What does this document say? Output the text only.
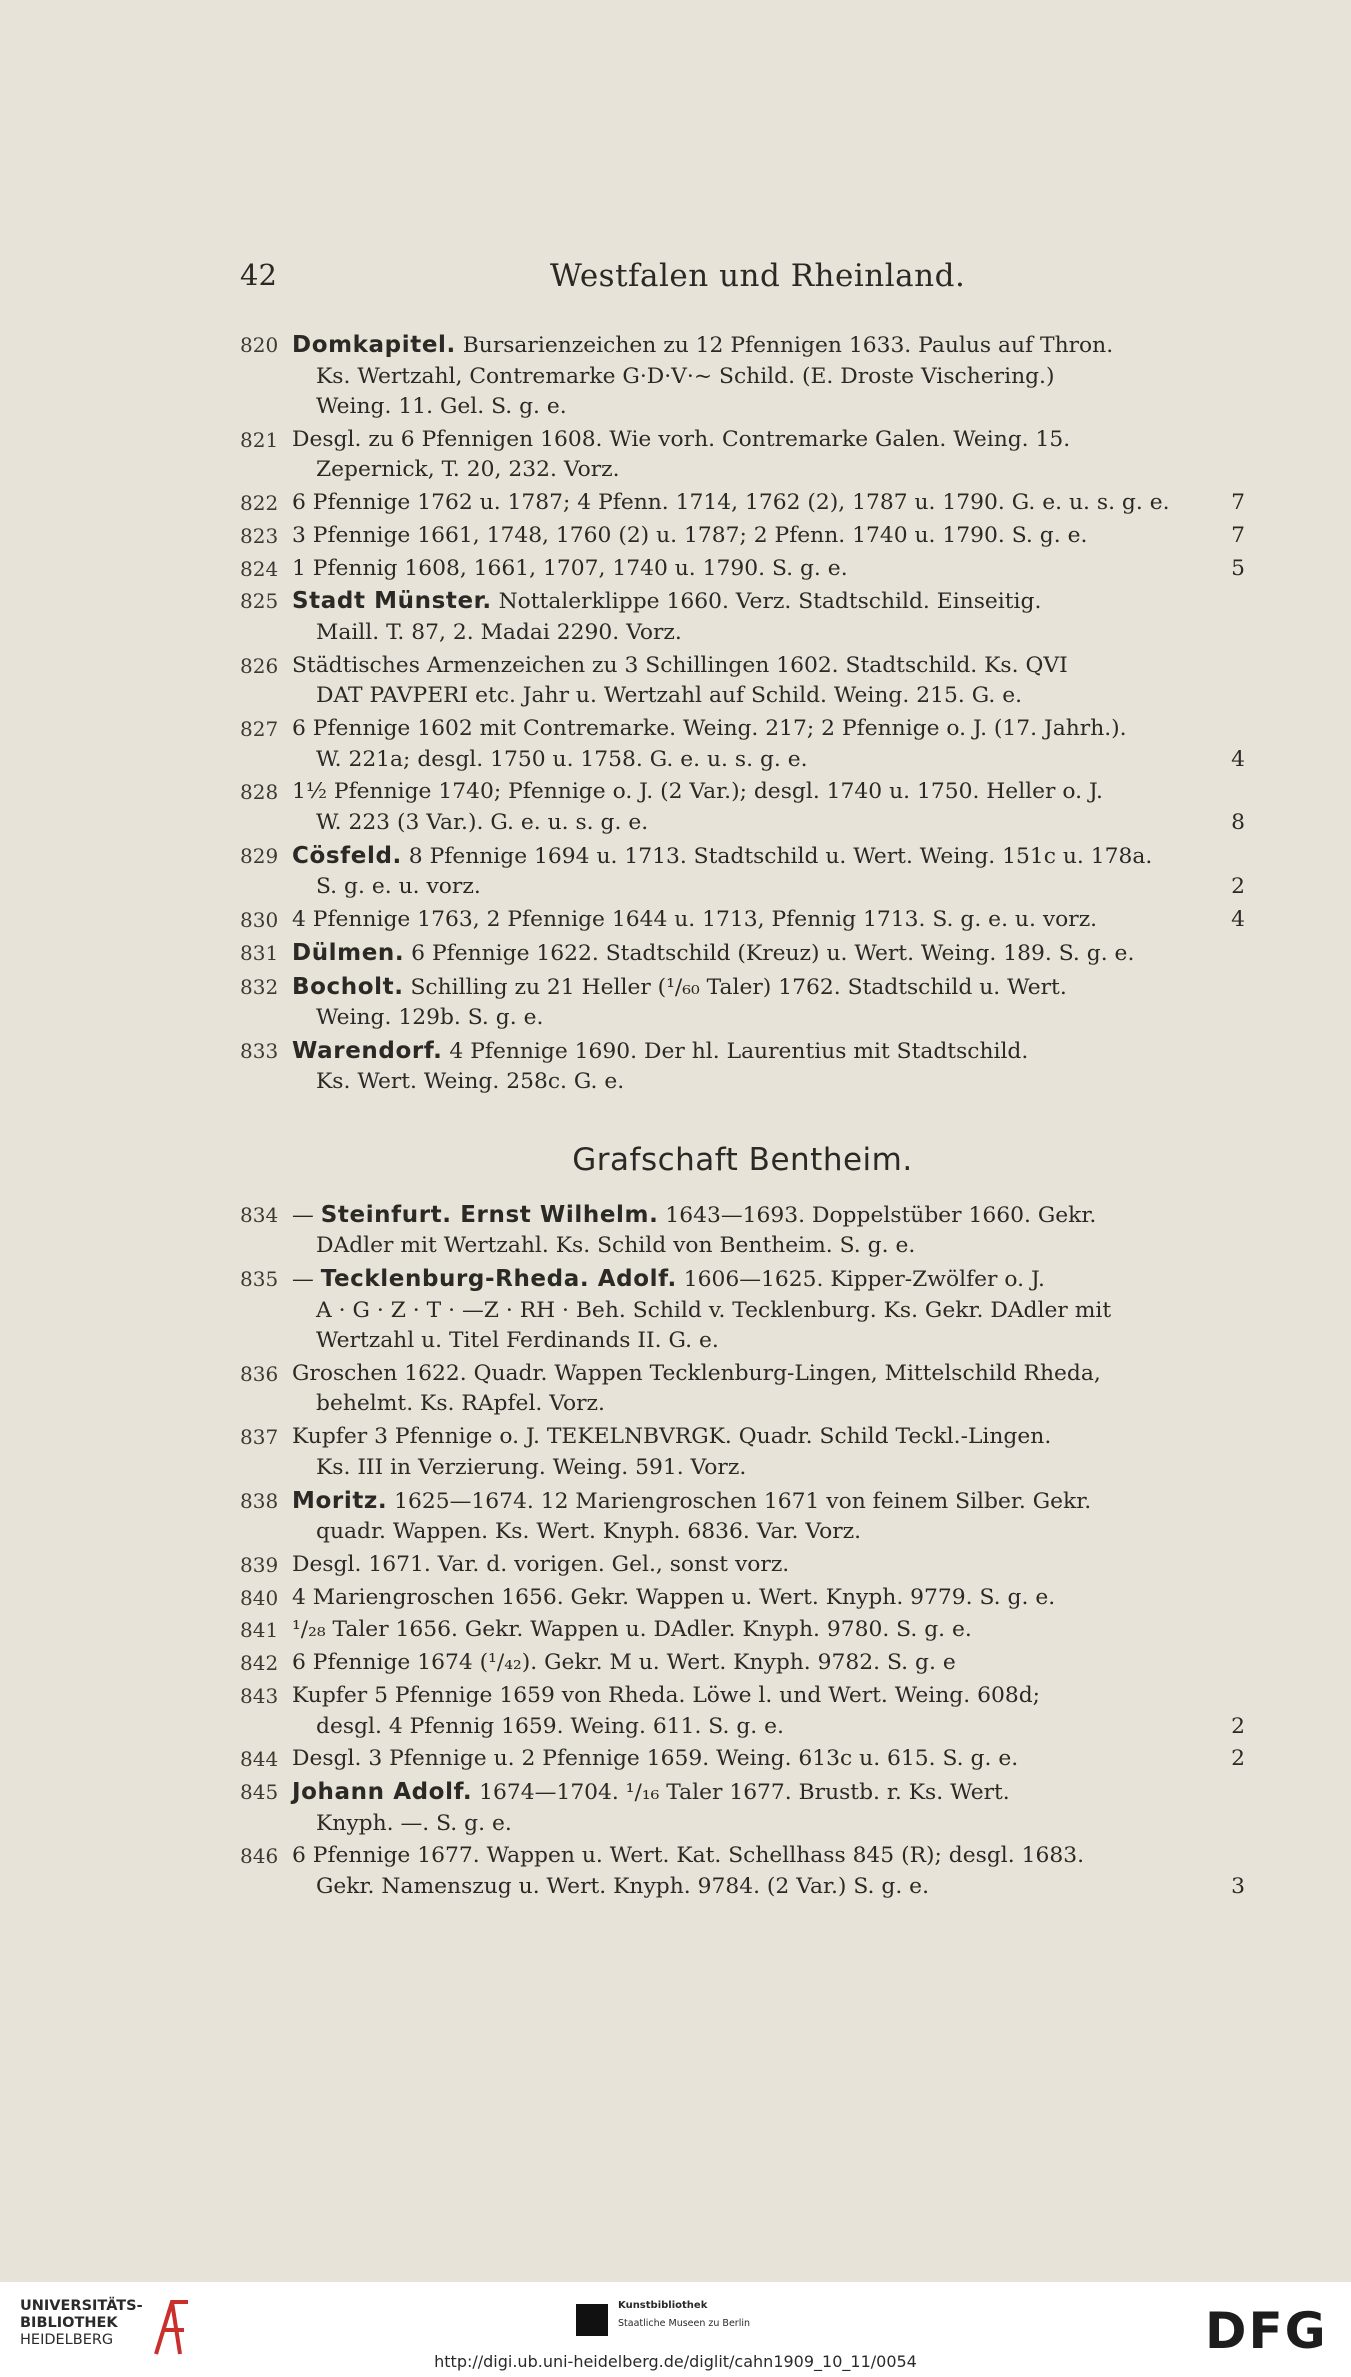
42	Westfalen und Rheinland.
820 Domkapitel. Bursarienzeichen zu 12 Pfennigen 1633. Paulus auf Thron.
Ks. Wertzahl, Contremarke G·D·V·~ Schild. (E. Droste Vischering.)
Weing. 11. Gel. S. g. e.
821 Desgl. zu 6 Pfennigen 1608. Wie vorh. Contremarke Galen. Weing. 15.
Zepernick, T. 20, 232. Vorz.
822 6 Pfennige 1762 u. 1787; 4 Pfenn. 1714, 1762 (2), 1787 u. 1790. G. e. u. s. g. e.	7
823 3 Pfennige 1661, 1748, 1760 (2) u. 1787; 2 Pfenn. 1740 u. 1790. S. g. e.	7
824 1 Pfennig 1608, 1661, 1707, 1740 u. 1790. S. g. e.	5
825 Stadt Münster. Nottalerklippe 1660. Verz. Stadtschild. Einseitig.
Maill. T. 87, 2. Madai 2290. Vorz.
826 Städtisches Armenzeichen zu 3 Schillingen 1602. Stadtschild. Ks. QVI
DAT PAVPERI etc. Jahr u. Wertzahl auf Schild. Weing. 215. G. e.
827 6 Pfennige 1602 mit Contremarke. Weing. 217; 2 Pfennige o. J. (17. Jahrh.).
W. 221a; desgl. 1750 u. 1758. G. e. u. s. g. e.	4
828 1½ Pfennige 1740; Pfennige o. J. (2 Var.); desgl. 1740 u. 1750. Heller o. J.
W. 223 (3 Var.). G. e. u. s. g. e.	8
829 Cösfeld. 8 Pfennige 1694 u. 1713. Stadtschild u. Wert. Weing. 151c u. 178a.
S. g. e. u. vorz.	2
830 4 Pfennige 1763, 2 Pfennige 1644 u. 1713, Pfennig 1713. S. g. e. u. vorz.	4
831 Dülmen. 6 Pfennige 1622. Stadtschild (Kreuz) u. Wert. Weing. 189. S. g. e.
832 Bocholt. Schilling zu 21 Heller (¹/₆₀ Taler) 1762. Stadtschild u. Wert.
Weing. 129b. S. g. e.
833 Warendorf. 4 Pfennige 1690. Der hl. Laurentius mit Stadtschild.
Ks. Wert. Weing. 258c. G. e.
Grafschaft Bentheim.
834 — Steinfurt. Ernst Wilhelm. 1643—1693. Doppelstüber 1660. Gekr.
DAdler mit Wertzahl. Ks. Schild von Bentheim. S. g. e.
835 — Tecklenburg-Rheda. Adolf. 1606—1625. Kipper-Zwölfer o. J.
A · G · Z · T · —Z · RH · Beh. Schild v. Tecklenburg. Ks. Gekr. DAdler mit
Wertzahl u. Titel Ferdinands II. G. e.
836 Groschen 1622. Quadr. Wappen Tecklenburg-Lingen, Mittelschild Rheda,
behelmt. Ks. RApfel. Vorz.
837 Kupfer 3 Pfennige o. J. TEKELNBVRGK. Quadr. Schild Teckl.-Lingen.
Ks. III in Verzierung. Weing. 591. Vorz.
838 Moritz. 1625—1674. 12 Mariengroschen 1671 von feinem Silber. Gekr.
quadr. Wappen. Ks. Wert. Knyph. 6836. Var. Vorz.
839 Desgl. 1671. Var. d. vorigen. Gel., sonst vorz.
840 4 Mariengroschen 1656. Gekr. Wappen u. Wert. Knyph. 9779. S. g. e.
841 ¹/₂₈ Taler 1656. Gekr. Wappen u. DAdler. Knyph. 9780. S. g. e.
842 6 Pfennige 1674 (¹/₄₂). Gekr. M u. Wert. Knyph. 9782. S. g. e
843 Kupfer 5 Pfennige 1659 von Rheda. Löwe l. und Wert. Weing. 608d;
desgl. 4 Pfennig 1659. Weing. 611. S. g. e.	2
844 Desgl. 3 Pfennige u. 2 Pfennige 1659. Weing. 613c u. 615. S. g. e.	2
845 Johann Adolf. 1674—1704. ¹/₁₆ Taler 1677. Brustb. r. Ks. Wert.
Knyph. —. S. g. e.
846 6 Pfennige 1677. Wappen u. Wert. Kat. Schellhass 845 (R); desgl. 1683.
Gekr. Namenszug u. Wert. Knyph. 9784. (2 Var.) S. g. e.	3
UNIVERSITÄTS-
BIBLIOTHEK
HEIDELBERG
Kunstbibliothek
Staatliche Museen zu Berlin	DFG
http://digi.ub.uni-heidelberg.de/diglit/cahn1909_10_11/0054
